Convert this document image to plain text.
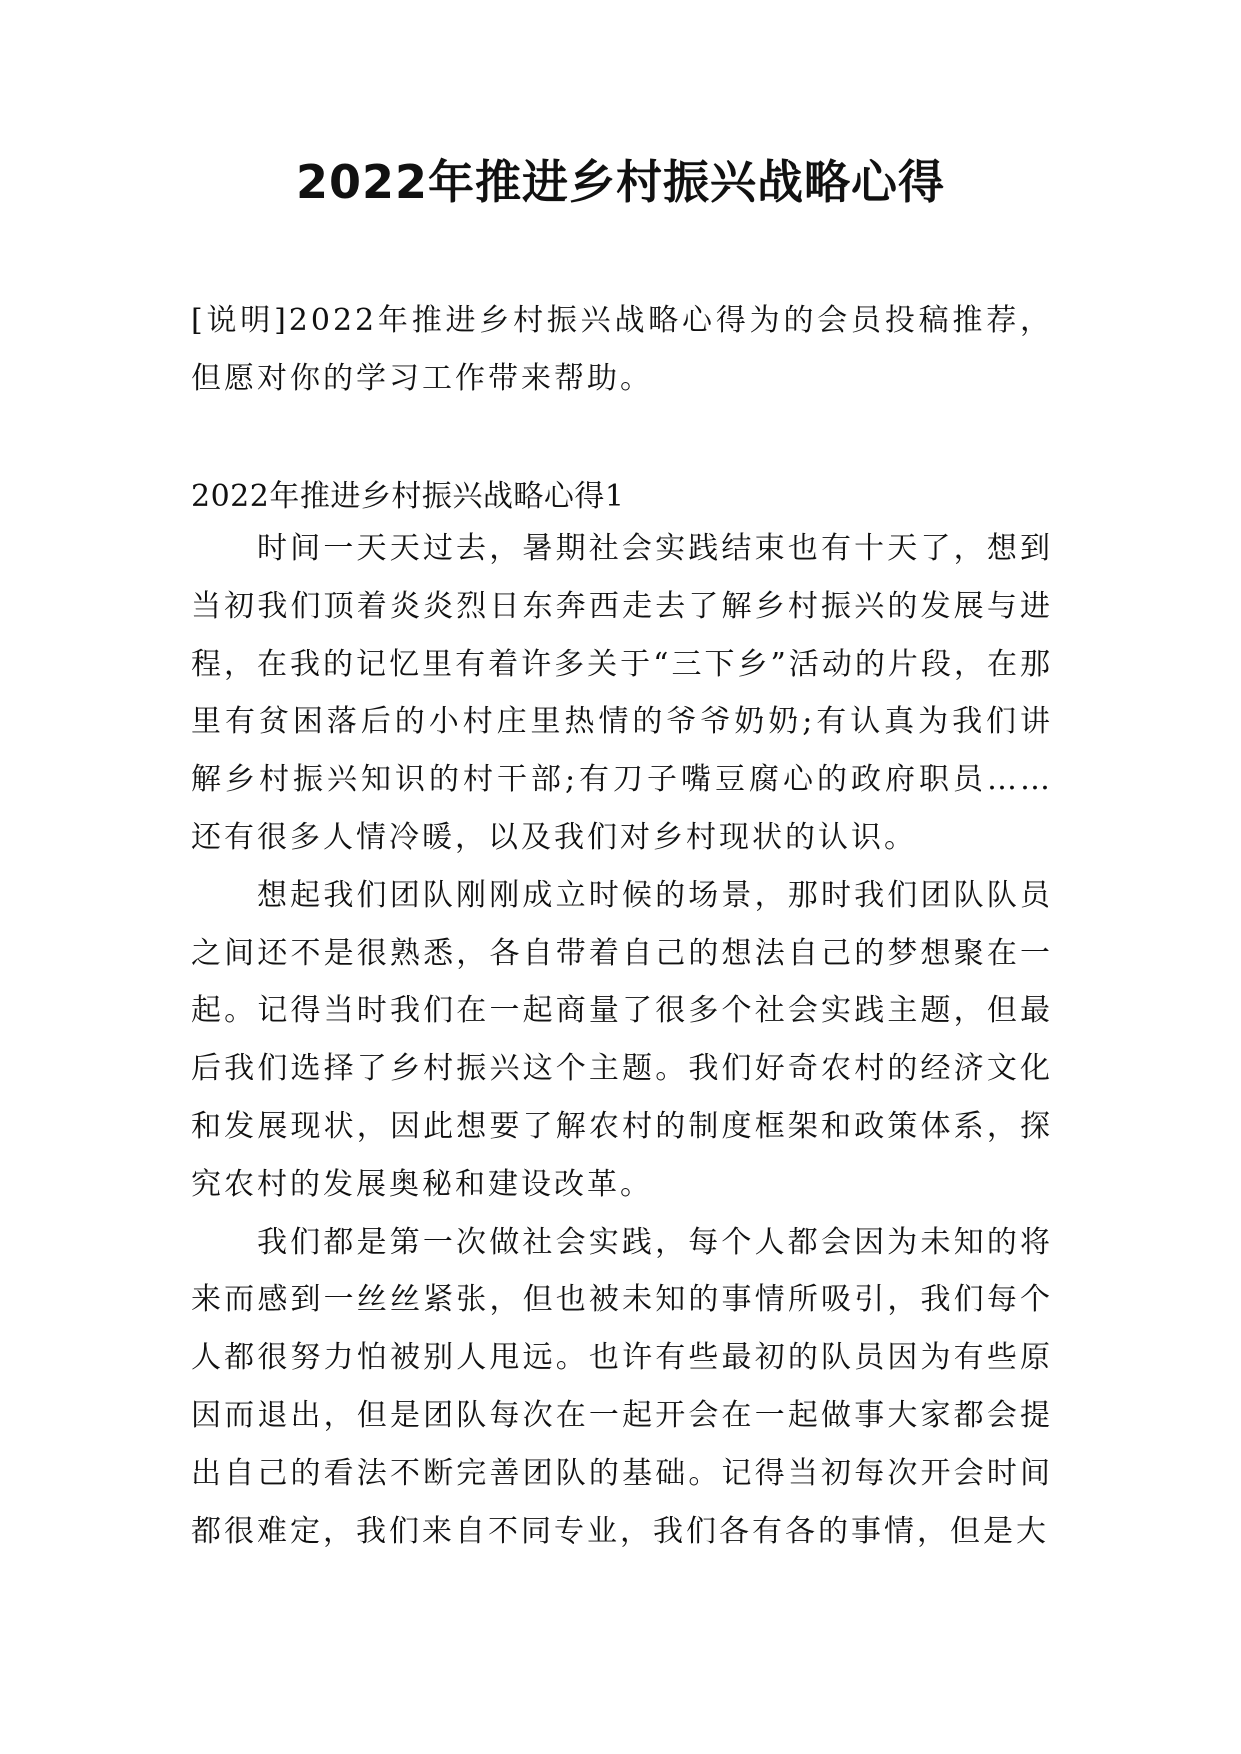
2022年推进乡村振兴战略心得
[说明]2022年推进乡村振兴战略心得为的会员投稿推荐，但愿对你的学习工作带来帮助。
2022年推进乡村振兴战略心得1

时间一天天过去，暑期社会实践结束也有十天了，想到当初我们顶着炎炎烈日东奔西走去了解乡村振兴的发展与进程，在我的记忆里有着许多关于“三下乡”活动的片段，在那里有贫困落后的小村庄里热情的爷爷奶奶;有认真为我们讲解乡村振兴知识的村干部;有刀子嘴豆腐心的政府职员……还有很多人情冷暖，以及我们对乡村现状的认识。

想起我们团队刚刚成立时候的场景，那时我们团队队员之间还不是很熟悉，各自带着自己的想法自己的梦想聚在一起。记得当时我们在一起商量了很多个社会实践主题，但最后我们选择了乡村振兴这个主题。我们好奇农村的经济文化和发展现状，因此想要了解农村的制度框架和政策体系，探究农村的发展奥秘和建设改革。

我们都是第一次做社会实践，每个人都会因为未知的将来而感到一丝丝紧张，但也被未知的事情所吸引，我们每个人都很努力怕被别人甩远。也许有些最初的队员因为有些原因而退出，但是团队每次在一起开会在一起做事大家都会提出自己的看法不断完善团队的基础。记得当初每次开会时间都很难定，我们来自不同专业，我们各有各的事情，但是大
